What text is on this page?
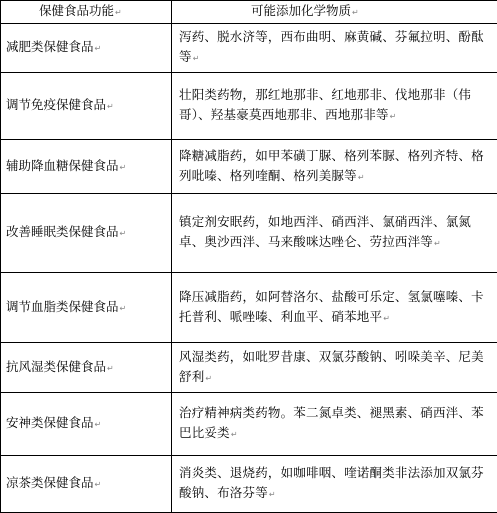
保健食品功能↵	可能添加化学物质↵
减肥类保健食品↵	泻药、脱水济等，西布曲明、麻黄碱、芬氟拉明、酚酞等↵
调节免疫保健食品↵	壮阳类药物，那红地那非、红地那非、伐地那非（伟哥）、羟基豪莫西地那非、西地那非等↵
辅助降血糖保健食品↵	降糖减脂药，如甲苯磺丁脲、格列苯脲、格列齐特、格列吡嗪、格列喹酮、格列美脲等↵
改善睡眠类保健食品↵	镇定剂安眠药，如地西泮、硝西泮、氯硝西泮、氯氮卓、奥沙西泮、马来酸咪达唑仑、劳拉西泮等↵
调节血脂类保健食品↵	降压减脂药，如阿替洛尔、盐酸可乐定、氢氯噻嗪、卡托普利、哌唑嗪、利血平、硝苯地平↵
抗风湿类保健食品↵	风湿类药，如吡罗昔康、双氯芬酸钠、吲哚美辛、尼美舒利↵
安神类保健食品↵	治疗精神病类药物。苯二氮卓类、褪黑素、硝西泮、苯巴比妥类↵
凉茶类保健食品↵	消炎类、退烧药，如咖啡咽、喹诺酮类非法添加双氯芬酸钠、布洛芬等↵
